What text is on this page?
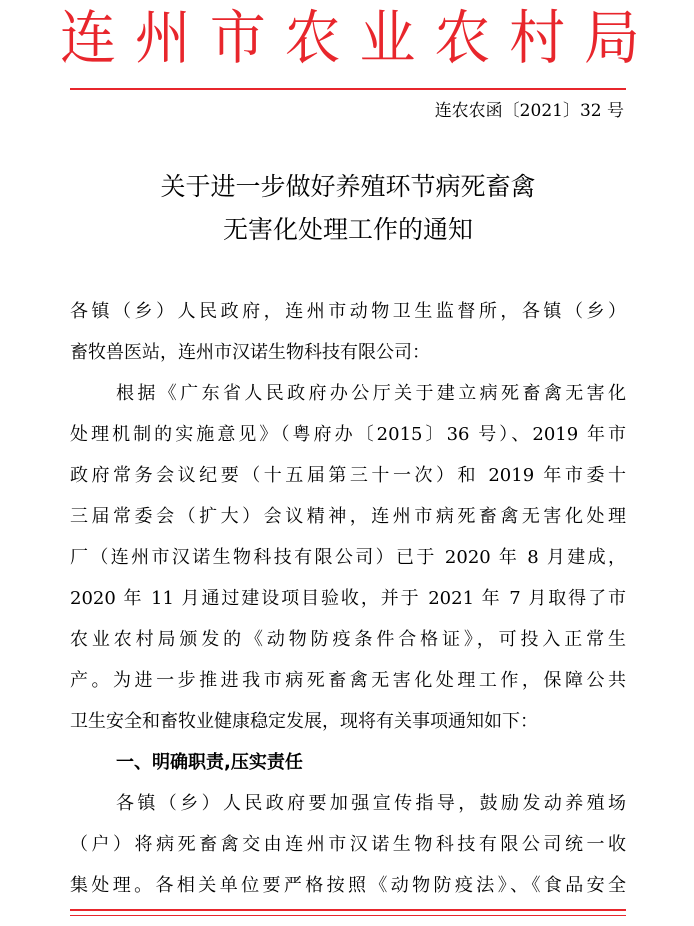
连 州 市 农 业 农 村 局
连农农函〔2021〕32 号
关于进一步做好养殖环节病死畜禽
无害化处理工作的通知
各镇（乡）人民政府，连州市动物卫生监督所，各镇（乡）
畜牧兽医站，连州市汉诺生物科技有限公司：
根据《广东省人民政府办公厅关于建立病死畜禽无害化
处理机制的实施意见》（粤府办〔2015〕36 号）、2019 年市
政府常务会议纪要（十五届第三十一次）和 2019 年市委十
三届常委会（扩大）会议精神，连州市病死畜禽无害化处理
厂（连州市汉诺生物科技有限公司）已于 2020 年 8 月建成，
2020 年 11 月通过建设项目验收，并于 2021 年 7 月取得了市
农业农村局颁发的《动物防疫条件合格证》，可投入正常生
产。为进一步推进我市病死畜禽无害化处理工作，保障公共
卫生安全和畜牧业健康稳定发展，现将有关事项通知如下：
一、明确职责,压实责任
各镇（乡）人民政府要加强宣传指导，鼓励发动养殖场
（户）将病死畜禽交由连州市汉诺生物科技有限公司统一收
集处理。各相关单位要严格按照《动物防疫法》、《食品安全
